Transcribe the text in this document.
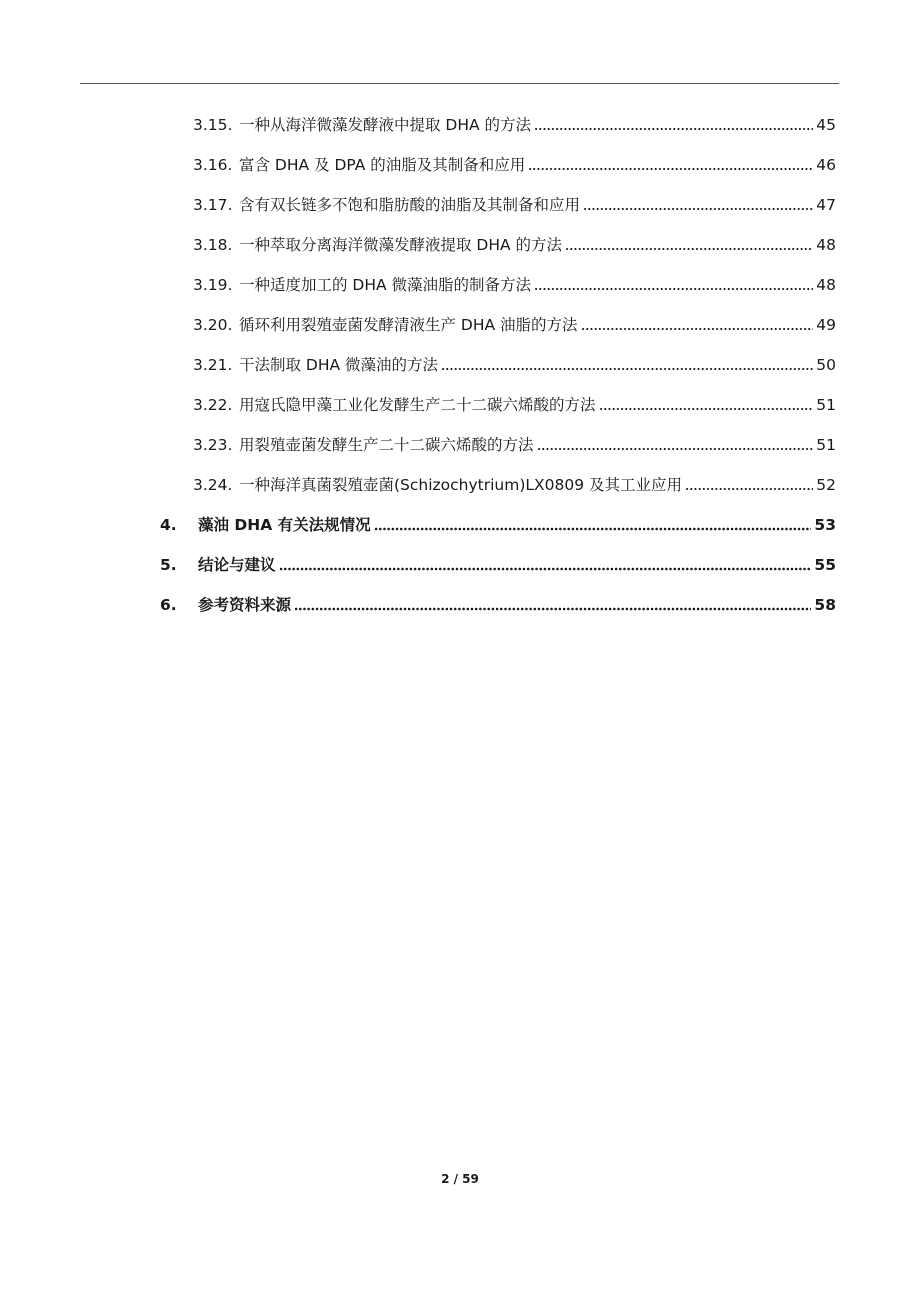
3.15. 一种从海洋微藻发酵液中提取 DHA 的方法	45
3.16. 富含 DHA 及 DPA 的油脂及其制备和应用	46
3.17. 含有双长链多不饱和脂肪酸的油脂及其制备和应用	47
3.18. 一种萃取分离海洋微藻发酵液提取 DHA 的方法	48
3.19. 一种适度加工的 DHA 微藻油脂的制备方法	48
3.20. 循环利用裂殖壶菌发酵清液生产 DHA 油脂的方法	49
3.21. 干法制取 DHA 微藻油的方法	50
3.22. 用寇氏隐甲藻工业化发酵生产二十二碳六烯酸的方法	51
3.23. 用裂殖壶菌发酵生产二十二碳六烯酸的方法	51
3.24. 一种海洋真菌裂殖壶菌(Schizochytrium)LX0809 及其工业应用	52
4.	藻油 DHA 有关法规情况	53
5.	结论与建议	55
6.	参考资料来源	58
2 / 59
